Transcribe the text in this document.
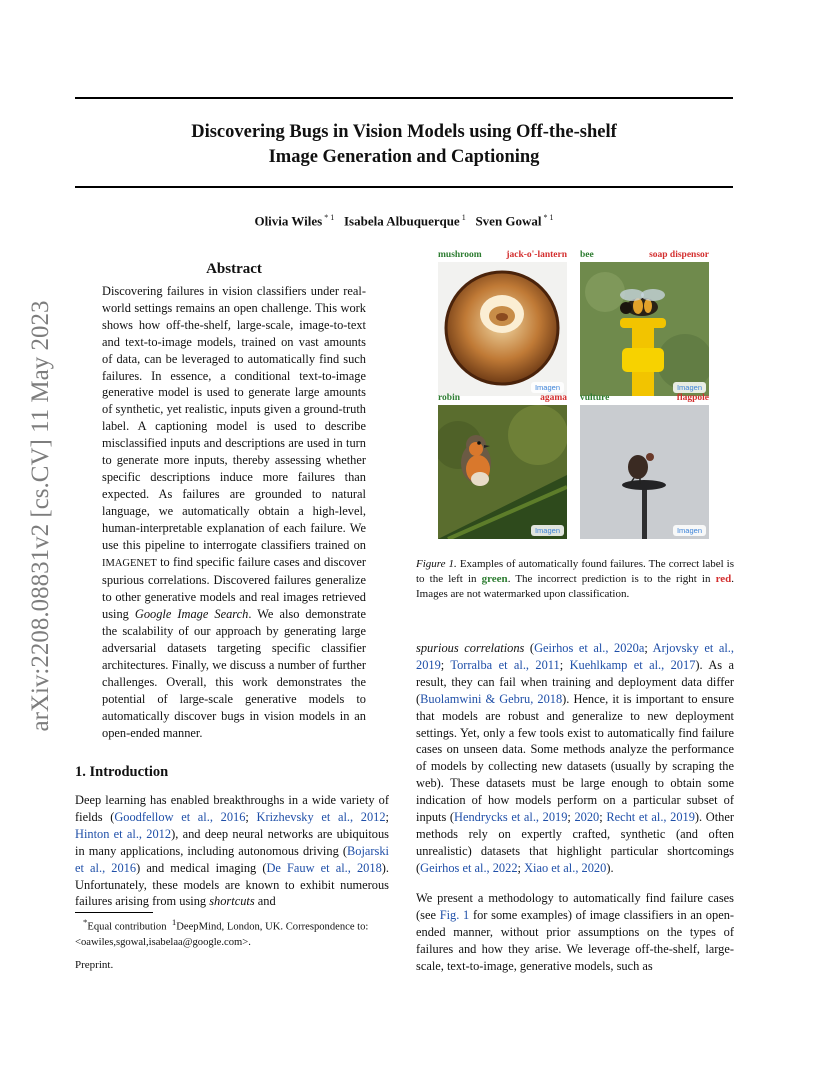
Discovering Bugs in Vision Models using Off-the-shelf
Image Generation and Captioning
Olivia Wiles $^{* 1}$ Isabela Albuquerque $^1$ Sven Gowal $^{* 1}$
arXiv:2208.08831v2 [cs.CV] 11 May 2023
Abstract
Discovering failures in vision classifiers under real-world settings remains an open challenge. This work shows how off-the-shelf, large-scale, image-to-text and text-to-image models, trained on vast amounts of data, can be leveraged to automatically find such failures. In essence, a conditional text-to-image generative model is used to generate large amounts of synthetic, yet realistic, inputs given a ground-truth label. A captioning model is used to describe misclassified inputs and descriptions are used in turn to generate more inputs, thereby assessing whether specific descriptions induce more failures than expected. As failures are grounded to natural language, we automatically obtain a high-level, human-interpretable explanation of each failure. We use this pipeline to interrogate classifiers trained on IMAGENET to find specific failure cases and discover spurious correlations. Discovered failures generalize to other generative models and real images retrieved using Google Image Search. We also demonstrate the scalability of our approach by generating large adversarial datasets targeting specific classifier architectures. Finally, we discuss a number of further challenges. Overall, this work demonstrates the potential of large-scale generative models to automatically discover bugs in vision models in an open-ended manner.
1. Introduction
Deep learning has enabled breakthroughs in a wide variety of fields (Goodfellow et al., 2016; Krizhevsky et al., 2012; Hinton et al., 2012), and deep neural networks are ubiquitous in many applications, including autonomous driving (Bojarski et al., 2016) and medical imaging (De Fauw et al., 2018). Unfortunately, these models are known to exhibit numerous failures arising from using shortcuts and
*Equal contribution $^1$DeepMind, London, UK. Correspondence to: <oawiles,sgowal,isabelaa@google.com>.
Preprint.
mushroom	jack-o'-lantern
Imagen
bee	soap dispensor
Imagen
robin	agama
Imagen
vulture	flagpole
Imagen
Figure 1. Examples of automatically found failures. The correct label is to the left in green. The incorrect prediction is to the right in red. Images are not watermarked upon classification.
spurious correlations (Geirhos et al., 2020a; Arjovsky et al., 2019; Torralba et al., 2011; Kuehlkamp et al., 2017). As a result, they can fail when training and deployment data differ (Buolamwini & Gebru, 2018). Hence, it is important to ensure that models are robust and generalize to new deployment settings. Yet, only a few tools exist to automatically find failure cases on unseen data. Some methods analyze the performance of models by collecting new datasets (usually by scraping the web). These datasets must be large enough to obtain some indication of how models perform on a particular subset of inputs (Hendrycks et al., 2019; 2020; Recht et al., 2019). Other methods rely on expertly crafted, synthetic (and often unrealistic) datasets that highlight particular shortcomings (Geirhos et al., 2022; Xiao et al., 2020).
We present a methodology to automatically find failure cases (see Fig. 1 for some examples) of image classifiers in an open-ended manner, without prior assumptions on the types of failures and how they arise. We leverage off-the-shelf, large-scale, text-to-image, generative models, such as
